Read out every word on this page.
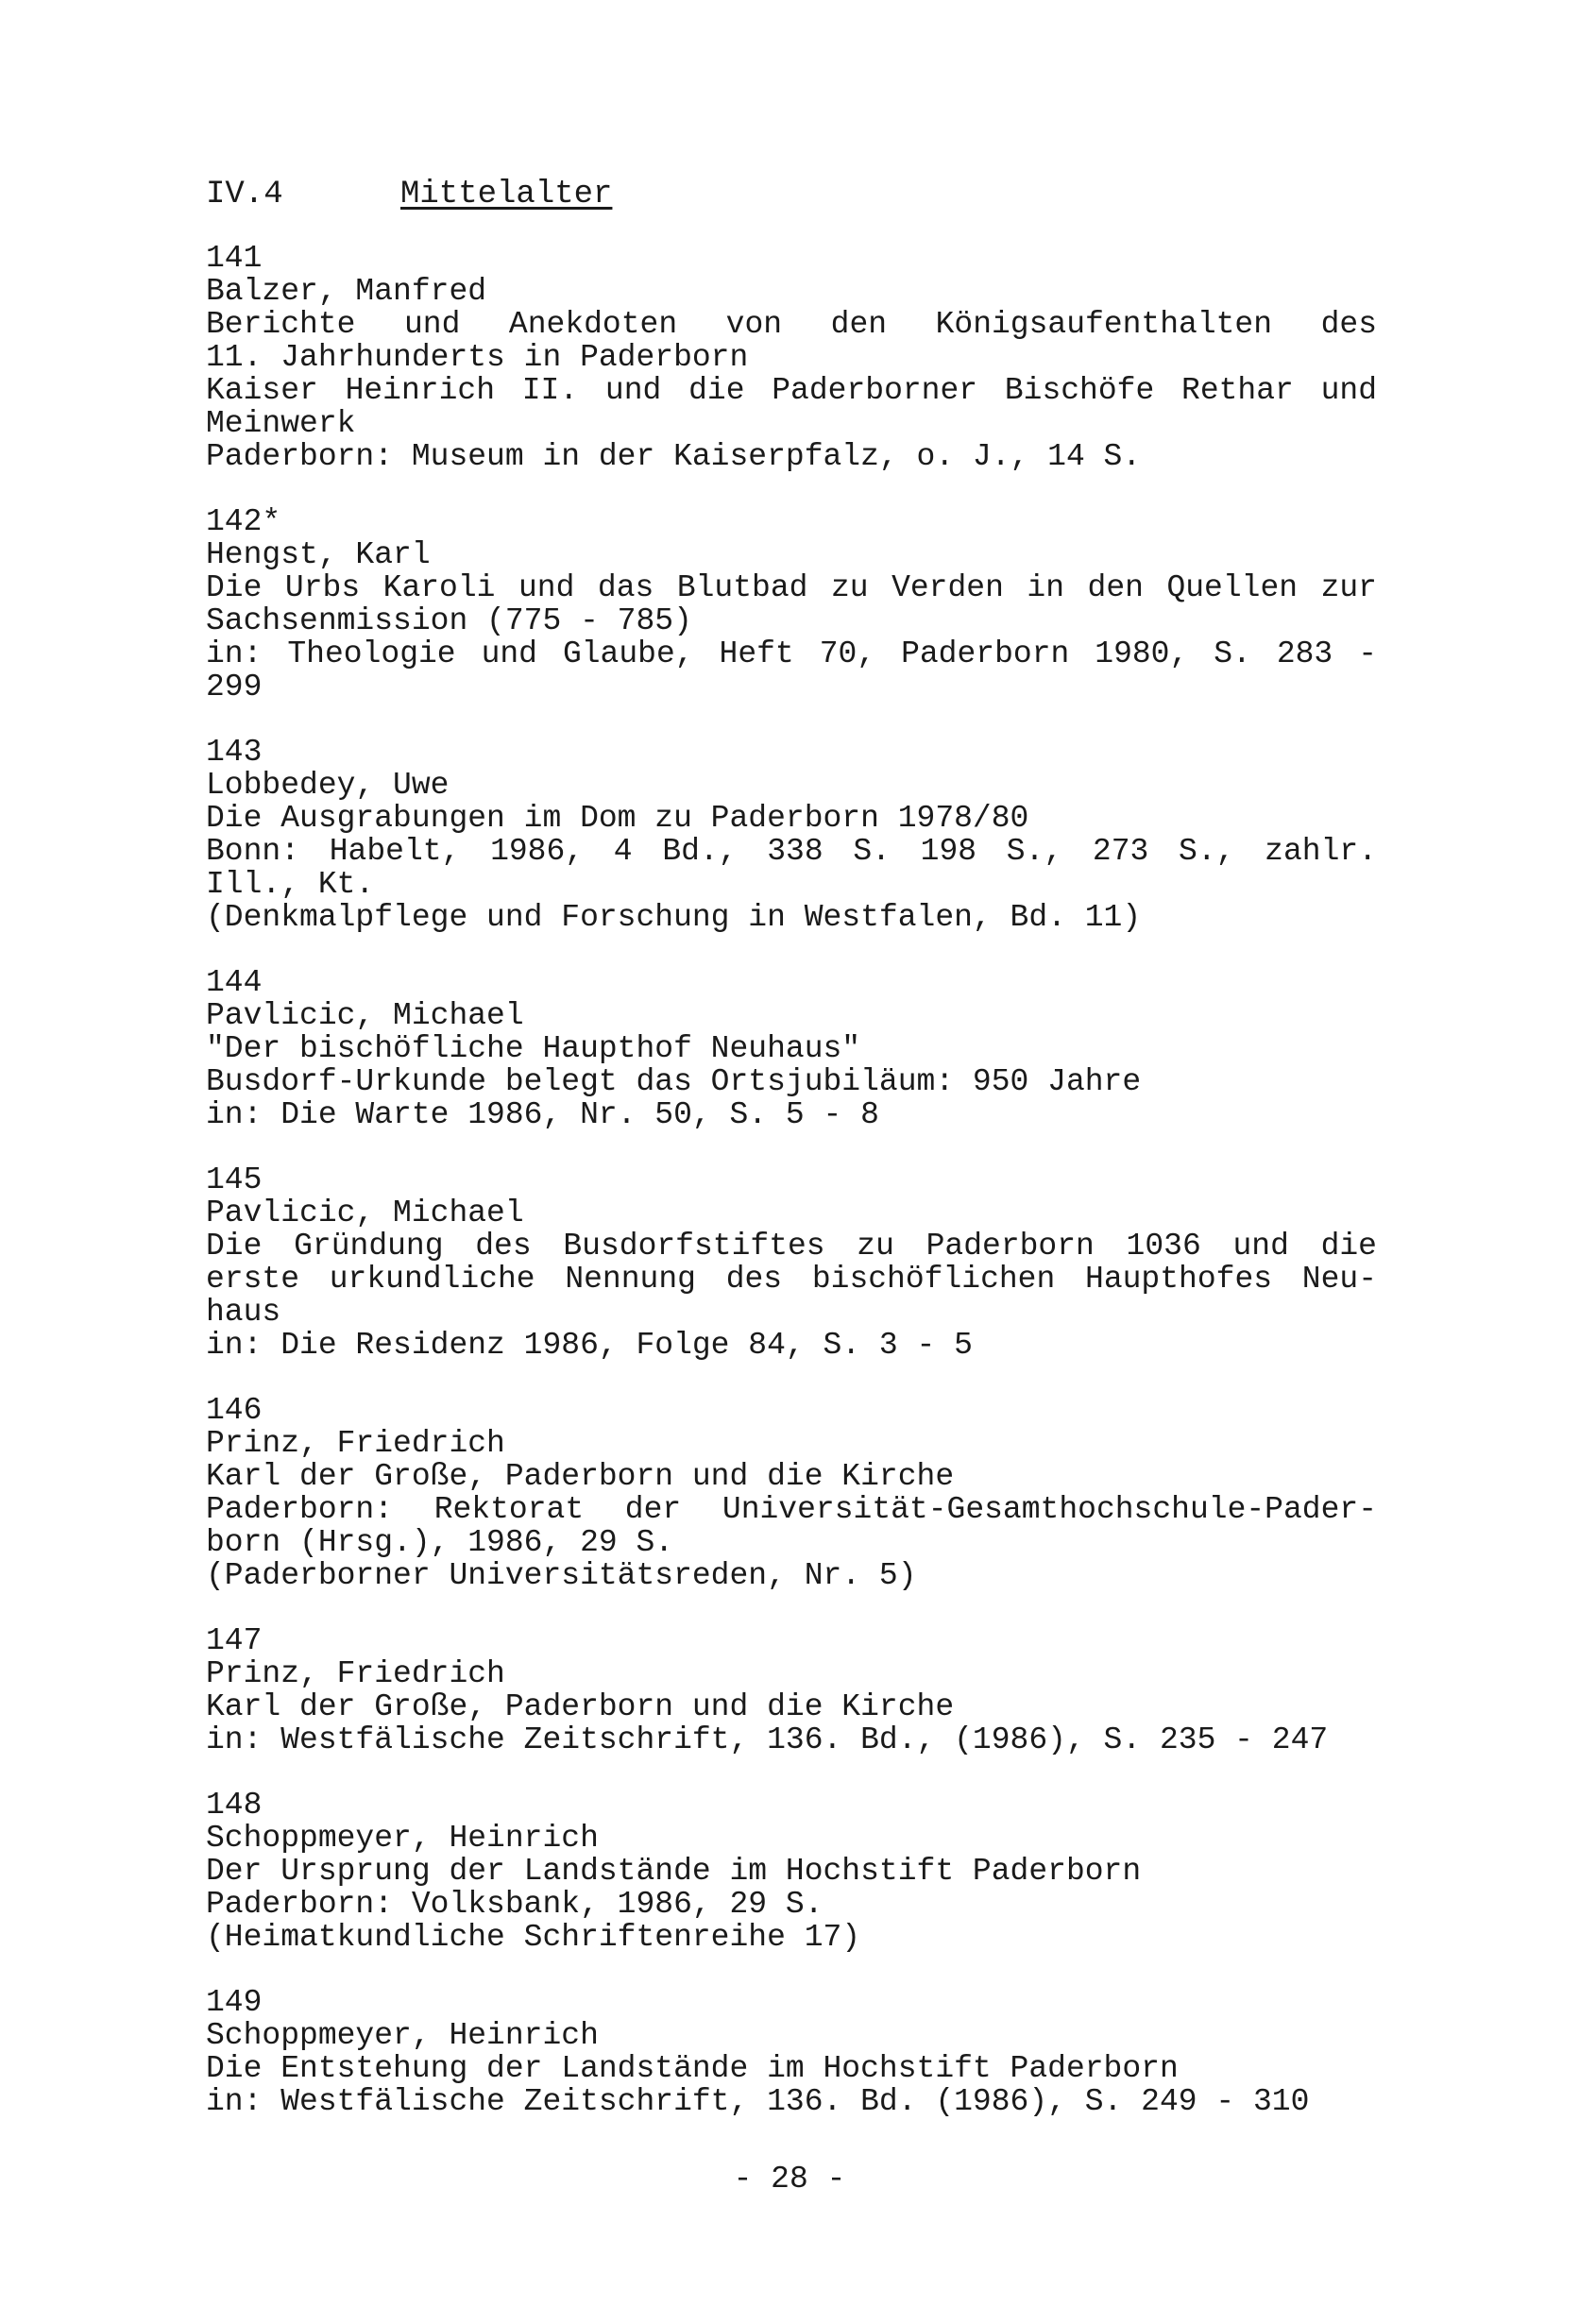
IV.4	Mittelalter
141
Balzer, Manfred
Berichte und Anekdoten von den Königsaufenthalten des
11. Jahrhunderts in Paderborn
Kaiser Heinrich II. und die Paderborner Bischöfe Rethar und
Meinwerk
Paderborn: Museum in der Kaiserpfalz, o. J., 14 S.
142*
Hengst, Karl
Die Urbs Karoli und das Blutbad zu Verden in den Quellen zur
Sachsenmission (775 - 785)
in: Theologie und Glaube, Heft 70, Paderborn 1980, S. 283 -
299
143
Lobbedey, Uwe
Die Ausgrabungen im Dom zu Paderborn 1978/80
Bonn: Habelt, 1986, 4 Bd., 338 S. 198 S., 273 S., zahlr.
Ill., Kt.
(Denkmalpflege und Forschung in Westfalen, Bd. 11)
144
Pavlicic, Michael
"Der bischöfliche Haupthof Neuhaus"
Busdorf-Urkunde belegt das Ortsjubiläum: 950 Jahre
in: Die Warte 1986, Nr. 50, S. 5 - 8
145
Pavlicic, Michael
Die Gründung des Busdorfstiftes zu Paderborn 1036 und die
erste urkundliche Nennung des bischöflichen Haupthofes Neu-
haus
in: Die Residenz 1986, Folge 84, S. 3 - 5
146
Prinz, Friedrich
Karl der Große, Paderborn und die Kirche
Paderborn: Rektorat der Universität-Gesamthochschule-Pader-
born (Hrsg.), 1986, 29 S.
(Paderborner Universitätsreden, Nr. 5)
147
Prinz, Friedrich
Karl der Große, Paderborn und die Kirche
in: Westfälische Zeitschrift, 136. Bd., (1986), S. 235 - 247
148
Schoppmeyer, Heinrich
Der Ursprung der Landstände im Hochstift Paderborn
Paderborn: Volksbank, 1986, 29 S.
(Heimatkundliche Schriftenreihe 17)
149
Schoppmeyer, Heinrich
Die Entstehung der Landstände im Hochstift Paderborn
in: Westfälische Zeitschrift, 136. Bd. (1986), S. 249 - 310
- 28 -
